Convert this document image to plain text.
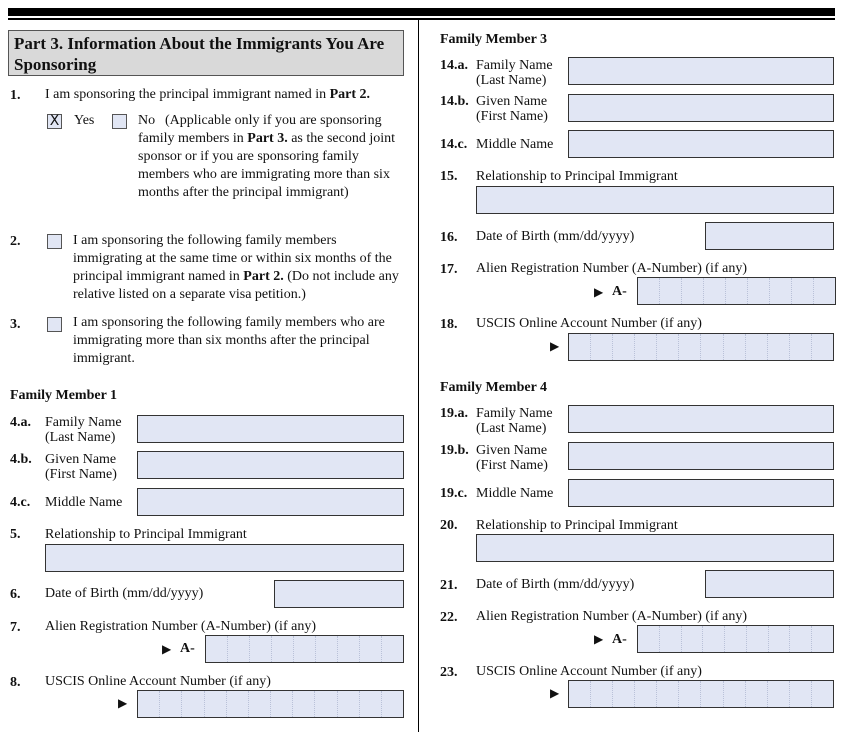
Part 3. Information About the Immigrants You Are Sponsoring
1. I am sponsoring the principal immigrant named in Part 2.
X Yes	No (Applicable only if you are sponsoring family members in Part 3. as the second joint sponsor or if you are sponsoring family members who are immigrating more than six months after the principal immigrant)
2.	I am sponsoring the following family members immigrating at the same time or within six months of the principal immigrant named in Part 2. (Do not include any relative listed on a separate visa petition.)
3.	I am sponsoring the following family members who are immigrating more than six months after the principal immigrant.
Family Member 1
4.a. Family Name
(Last Name)
4.b. Given Name
(First Name)
4.c. Middle Name
5. Relationship to Principal Immigrant
6. Date of Birth (mm/dd/yyyy)
7. Alien Registration Number (A-Number) (if any)
▶ A-
8. USCIS Online Account Number (if any)
▶
Family Member 3
14.a. Family Name
(Last Name)
14.b. Given Name
(First Name)
14.c. Middle Name
15. Relationship to Principal Immigrant
16. Date of Birth (mm/dd/yyyy)
17. Alien Registration Number (A-Number) (if any)
▶ A-
18. USCIS Online Account Number (if any)
▶
Family Member 4
19.a. Family Name
(Last Name)
19.b. Given Name
(First Name)
19.c. Middle Name
20. Relationship to Principal Immigrant
21. Date of Birth (mm/dd/yyyy)
22. Alien Registration Number (A-Number) (if any)
▶ A-
23. USCIS Online Account Number (if any)
▶
